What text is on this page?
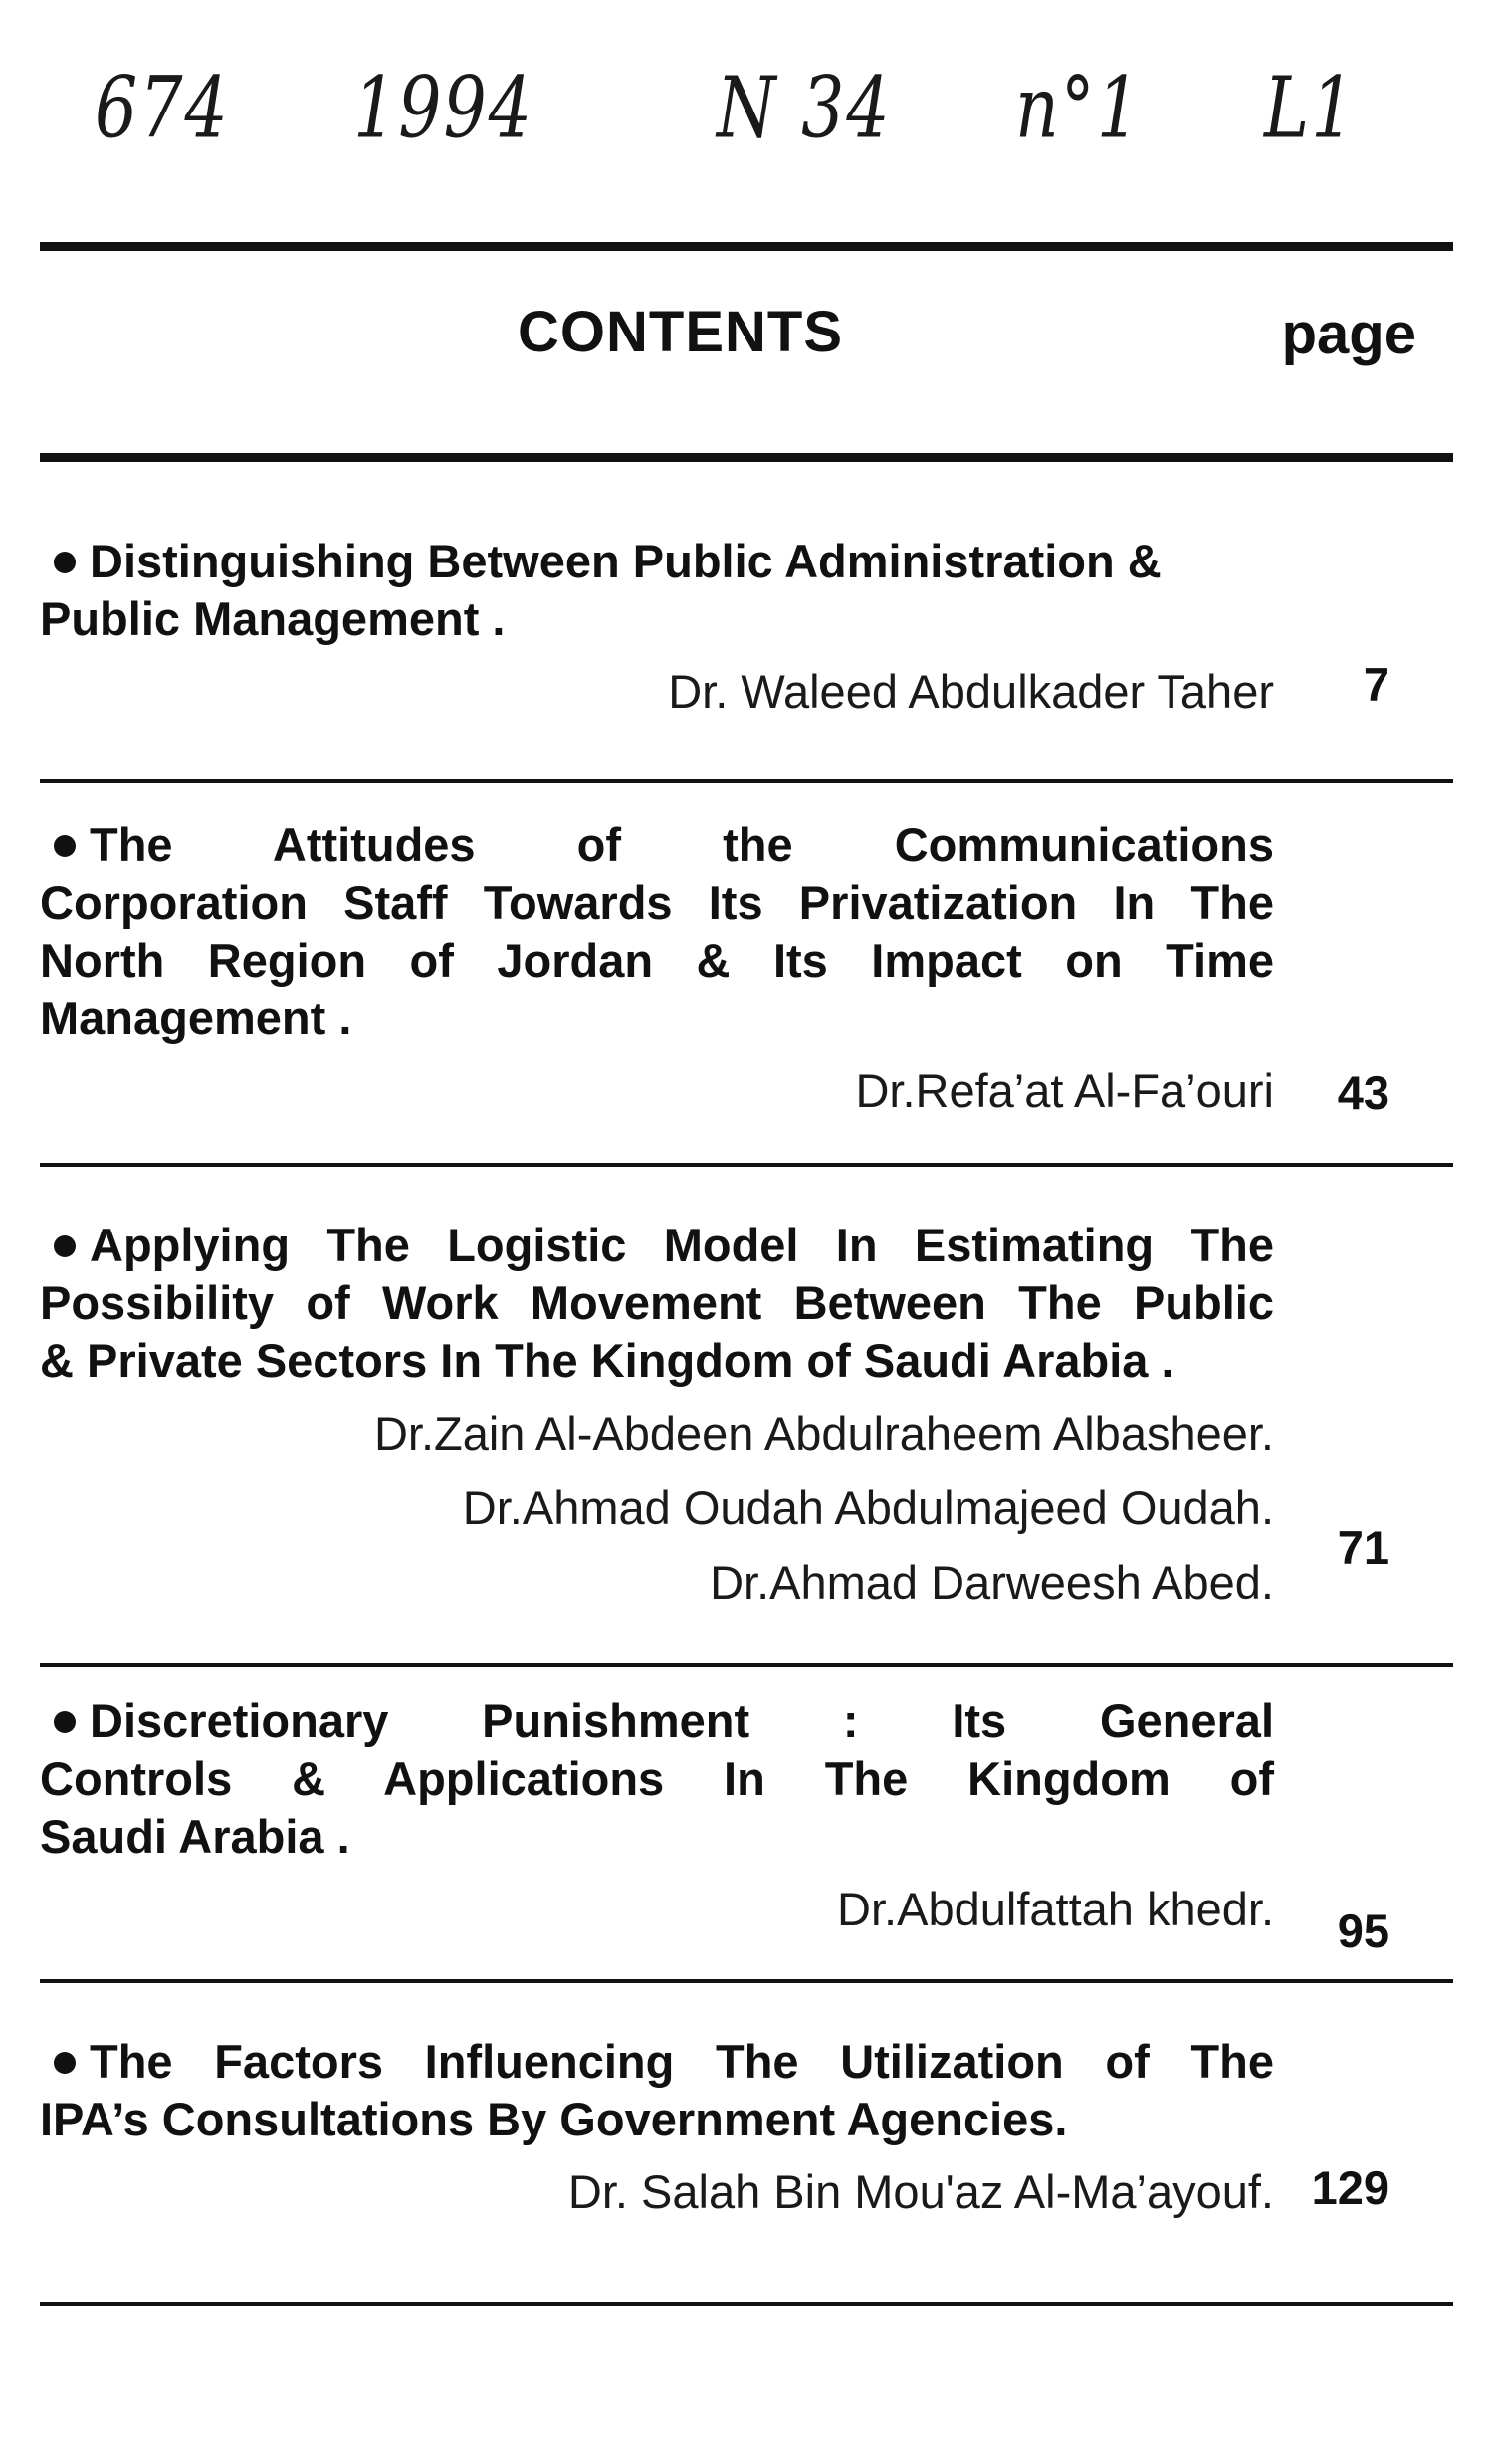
674 1994	N 34 n°1 L1
CONTENTS	page
Distinguishing Between Public Administration &
Public Management .
Dr. Waleed Abdulkader Taher 7
The Attitudes of the Communications
Corporation Staff Towards Its Privatization In The
North Region of Jordan & Its Impact on Time
Management .
Dr.Refa’at Al-Fa’ouri 43
Applying The Logistic Model In Estimating The
Possibility of Work Movement Between The Public
& Private Sectors In The Kingdom of Saudi Arabia .
Dr.Zain Al-Abdeen Abdulraheem Albasheer.
Dr.Ahmad Oudah Abdulmajeed Oudah.
Dr.Ahmad Darweesh Abed.
71
Discretionary Punishment : Its General
Controls & Applications In The Kingdom of
Saudi Arabia .
Dr.Abdulfattah khedr. 95
The Factors Influencing The Utilization of The
IPA’s Consultations By Government Agencies.
Dr. Salah Bin Mou'az Al-Ma’ayouf. 129
